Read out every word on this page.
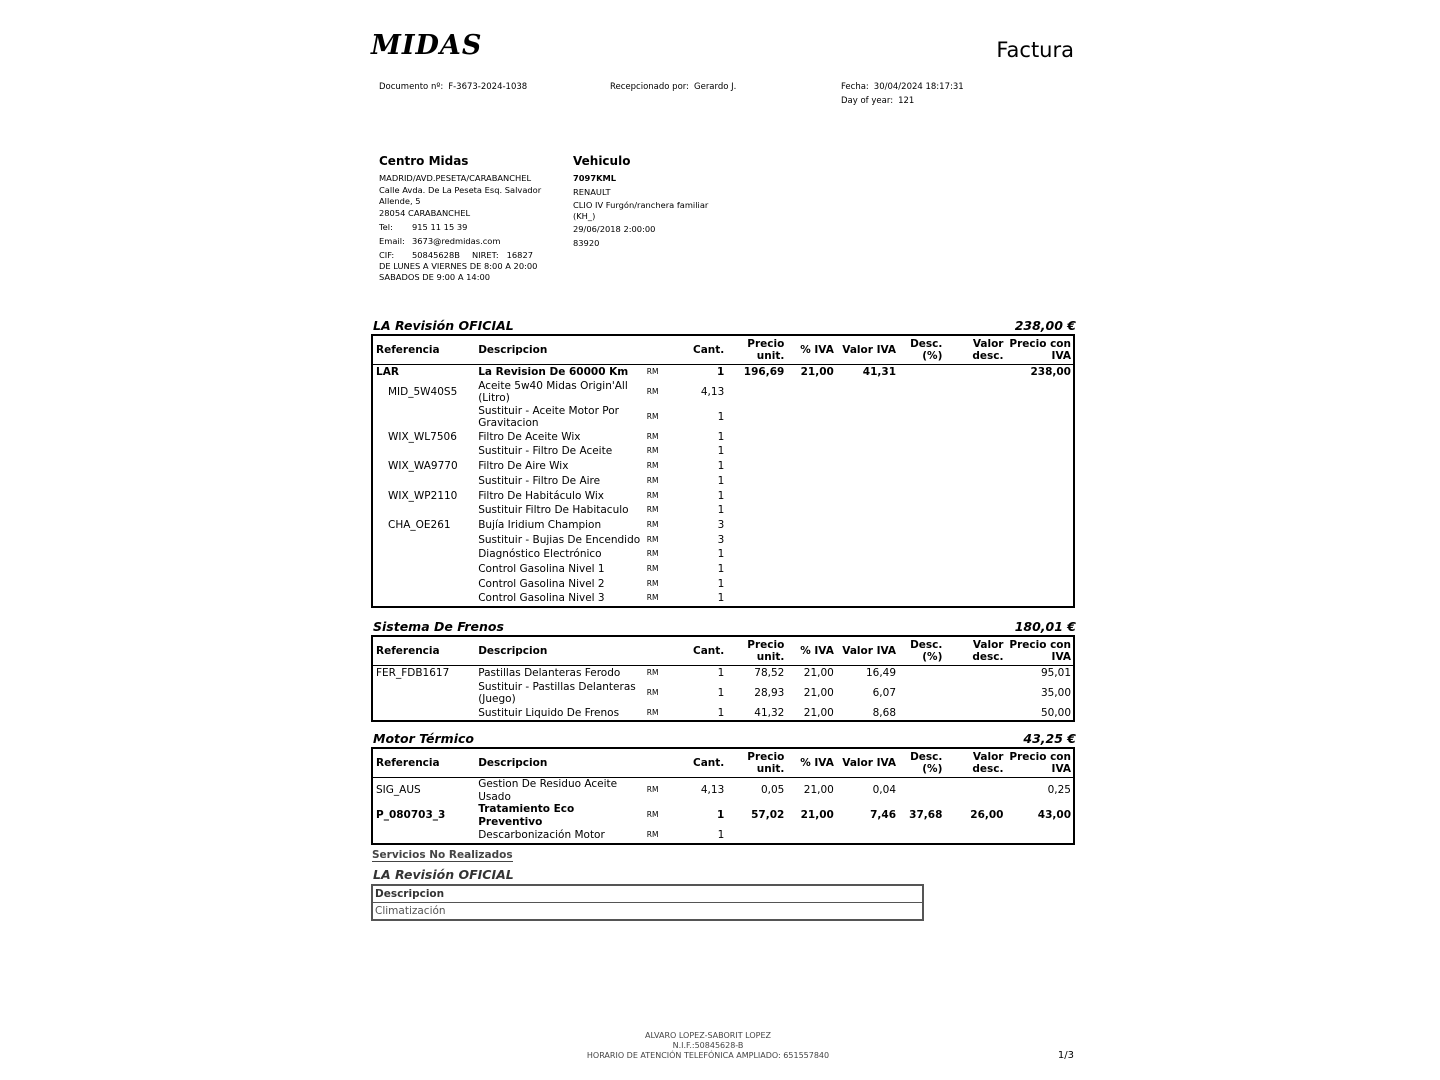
MIDAS	Factura
Documento nº: F-3673-2024-1038	Recepcionado por: Gerardo J.	Fecha: 30/04/2024 18:17:31
Day of year: 121
Centro Midas
MADRID/AVD.PESETA/CARABANCHEL
Calle Avda. De La Peseta Esq. Salvador Allende, 5
28054 CARABANCHEL
Tel: 915 11 15 39
Email: 3673@redmidas.com
CIF: 50845628B NIRET: 16827
DE LUNES A VIERNES DE 8:00 A 20:00
SABADOS DE 9:00 A 14:00
Vehiculo
7097KML
RENAULT
CLIO IV Furgón/ranchera familiar (KH_)
29/06/2018 2:00:00
83920
LA Revisión OFICIAL	238,00 €
Referencia	Descripcion		Cant.	Precio unit.	% IVA	Valor IVA	Desc. (%)	Valor desc.	Precio con IVA
LAR	La Revision De 60000 Km	RM	1	196,69	21,00	41,31			238,00
MID_5W40S5	Aceite 5w40 Midas Origin'All (Litro)	RM	4,13						
	Sustituir - Aceite Motor Por Gravitacion	RM	1						
WIX_WL7506	Filtro De Aceite Wix	RM	1						
	Sustituir - Filtro De Aceite	RM	1						
WIX_WA9770	Filtro De Aire Wix	RM	1						
	Sustituir - Filtro De Aire	RM	1						
WIX_WP2110	Filtro De Habitáculo Wix	RM	1						
	Sustituir Filtro De Habitaculo	RM	1						
CHA_OE261	Bujía Iridium Champion	RM	3						
	Sustituir - Bujias De Encendido	RM	3						
	Diagnóstico Electrónico	RM	1						
	Control Gasolina Nivel 1	RM	1						
	Control Gasolina Nivel 2	RM	1						
	Control Gasolina Nivel 3	RM	1						
Sistema De Frenos	180,01 €
Referencia	Descripcion		Cant.	Precio unit.	% IVA	Valor IVA	Desc. (%)	Valor desc.	Precio con IVA
FER_FDB1617	Pastillas Delanteras Ferodo	RM	1	78,52	21,00	16,49			95,01
	Sustituir - Pastillas Delanteras (Juego)	RM	1	28,93	21,00	6,07			35,00
	Sustituir Liquido De Frenos	RM	1	41,32	21,00	8,68			50,00
Motor Térmico	43,25 €
Referencia	Descripcion		Cant.	Precio unit.	% IVA	Valor IVA	Desc. (%)	Valor desc.	Precio con IVA
SIG_AUS	Gestion De Residuo Aceite Usado	RM	4,13	0,05	21,00	0,04			0,25
P_080703_3	Tratamiento Eco Preventivo	RM	1	57,02	21,00	7,46	37,68	26,00	43,00
	Descarbonización Motor	RM	1						
Servicios No Realizados
LA Revisión OFICIAL
Descripcion
Climatización
ALVARO LOPEZ-SABORIT LOPEZ
N.I.F.:50845628-B
HORARIO DE ATENCIÓN TELEFÓNICA AMPLIADO: 651557840	1/3
